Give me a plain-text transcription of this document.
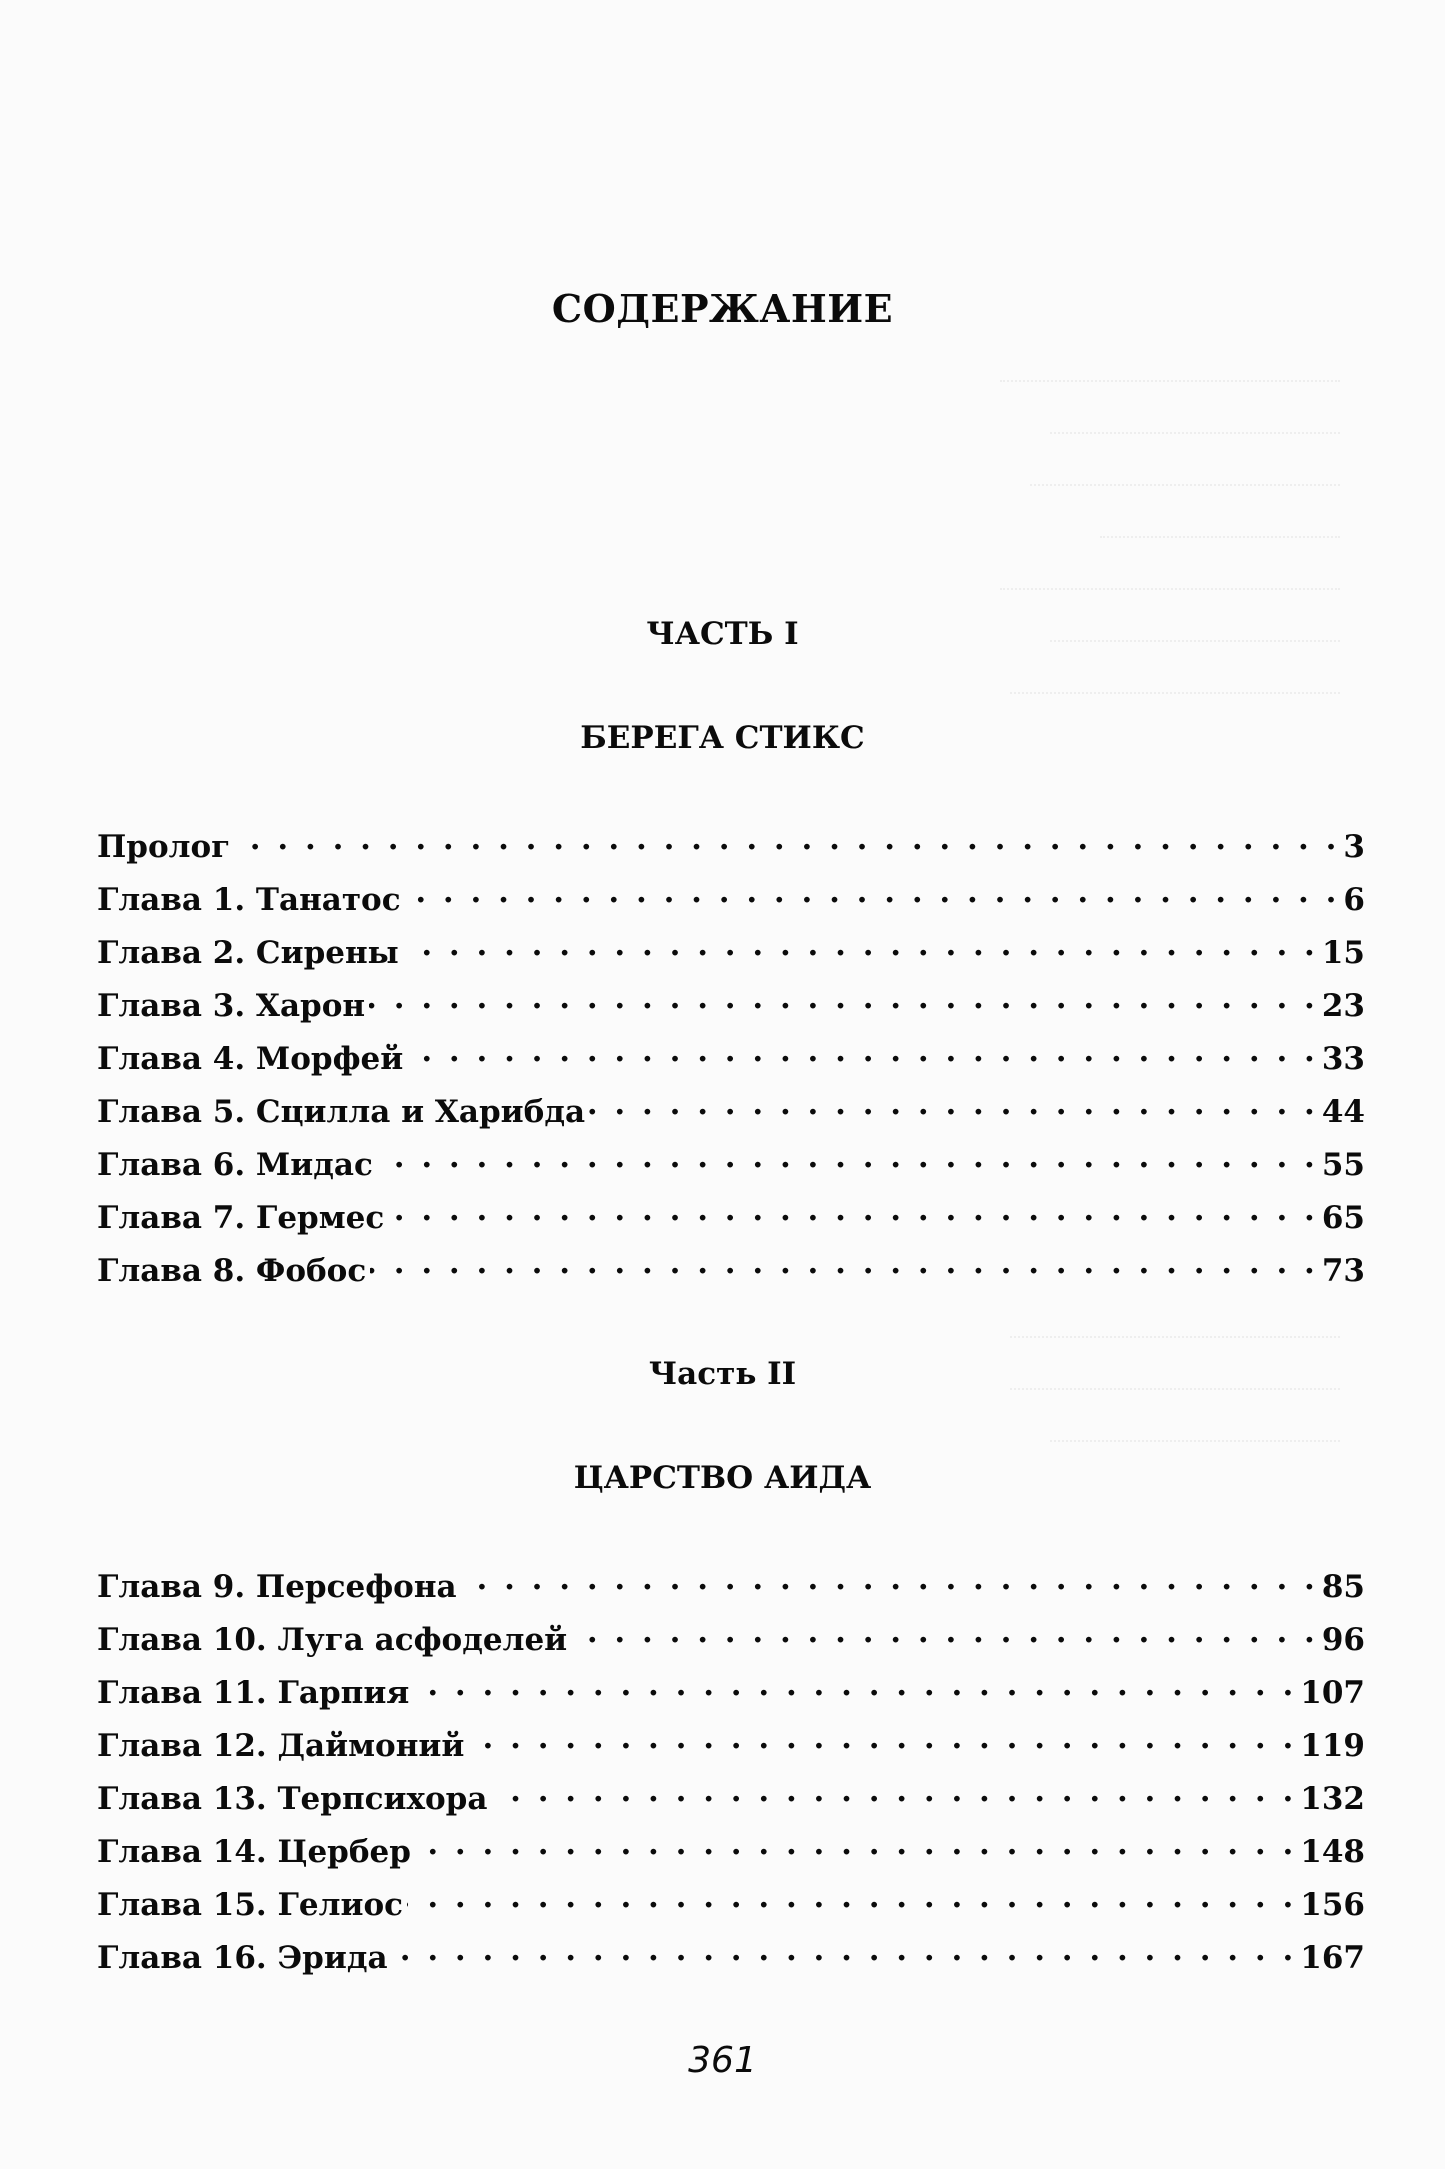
СОДЕРЖАНИЕ
ЧАСТЬ I
БЕРЕГА СТИКС
Пролог . . .	3
Глава 1. Танатос . . .	6
Глава 2. Сирены . . .	15
Глава 3. Харон . . .	23
Глава 4. Морфей . . .	33
Глава 5. Сцилла и Харибда . . .	44
Глава 6. Мидас . . .	55
Глава 7. Гермес . . .	65
Глава 8. Фобос . . .	73
Часть II
ЦАРСТВО АИДА
Глава 9. Персефона . . .	85
Глава 10. Луга асфоделей . . .	96
Глава 11. Гарпия . . .	107
Глава 12. Даймоний . . .	119
Глава 13. Терпсихора . . .	132
Глава 14. Цербер . . .	148
Глава 15. Гелиос . . .	156
Глава 16. Эрида . . .	167
361
